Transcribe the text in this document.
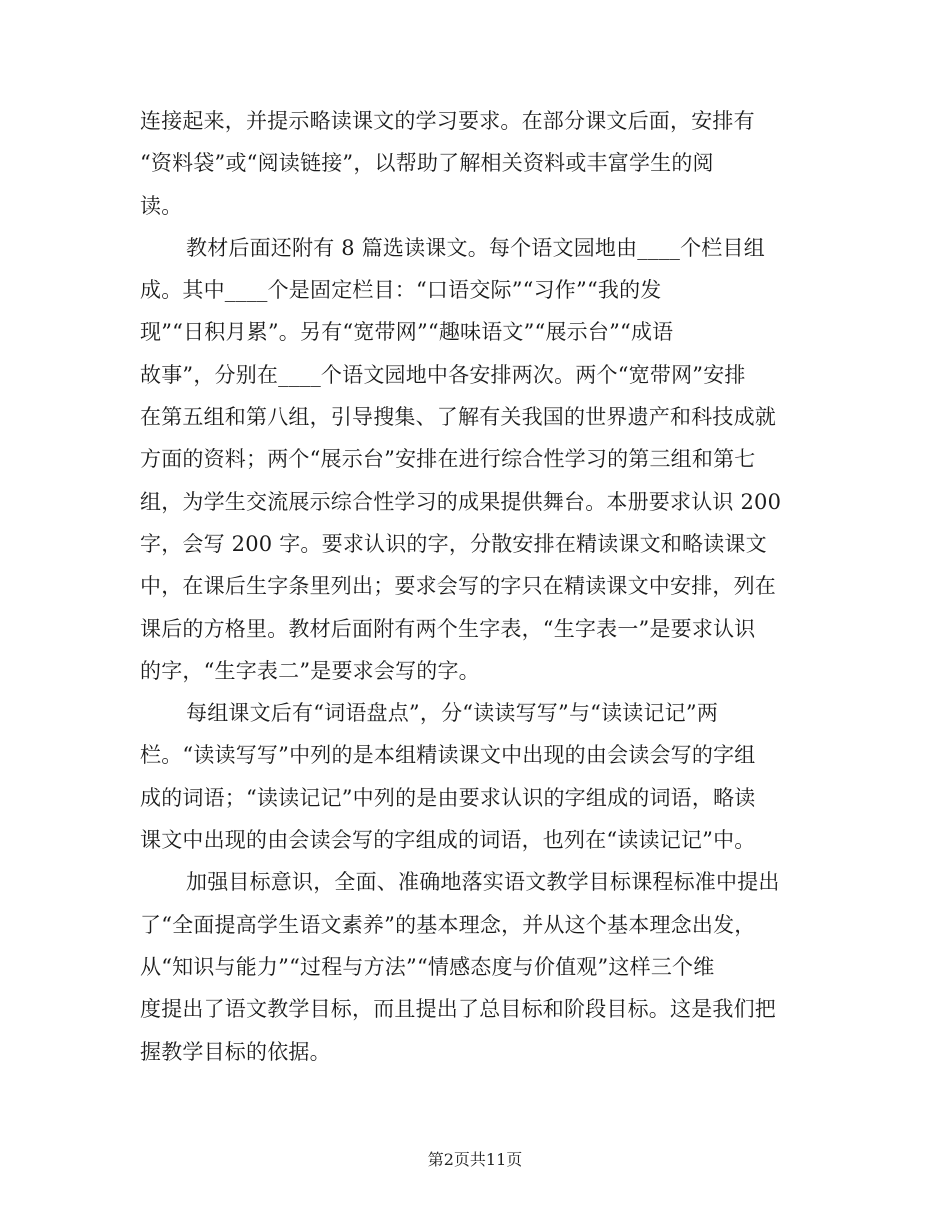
连接起来，并提示略读课文的学习要求。在部分课文后面，安排有
“资料袋”或“阅读链接”，以帮助了解相关资料或丰富学生的阅
读。
教材后面还附有 8 篇选读课文。每个语文园地由____个栏目组
成。其中____个是固定栏目：“口语交际”“习作”“我的发
现”“日积月累”。另有“宽带网”“趣味语文”“展示台”“成语
故事”，分别在____个语文园地中各安排两次。两个“宽带网”安排
在第五组和第八组，引导搜集、了解有关我国的世界遗产和科技成就
方面的资料；两个“展示台”安排在进行综合性学习的第三组和第七
组，为学生交流展示综合性学习的成果提供舞台。本册要求认识 200
字，会写 200 字。要求认识的字，分散安排在精读课文和略读课文
中，在课后生字条里列出；要求会写的字只在精读课文中安排，列在
课后的方格里。教材后面附有两个生字表，“生字表一”是要求认识
的字，“生字表二”是要求会写的字。
每组课文后有“词语盘点”，分“读读写写”与“读读记记”两
栏。“读读写写”中列的是本组精读课文中出现的由会读会写的字组
成的词语；“读读记记”中列的是由要求认识的字组成的词语，略读
课文中出现的由会读会写的字组成的词语，也列在“读读记记”中。
加强目标意识，全面、准确地落实语文教学目标课程标准中提出
了“全面提高学生语文素养”的基本理念，并从这个基本理念出发，
从“知识与能力”“过程与方法”“情感态度与价值观”这样三个维
度提出了语文教学目标，而且提出了总目标和阶段目标。这是我们把
握教学目标的依据。
第2页共11页
